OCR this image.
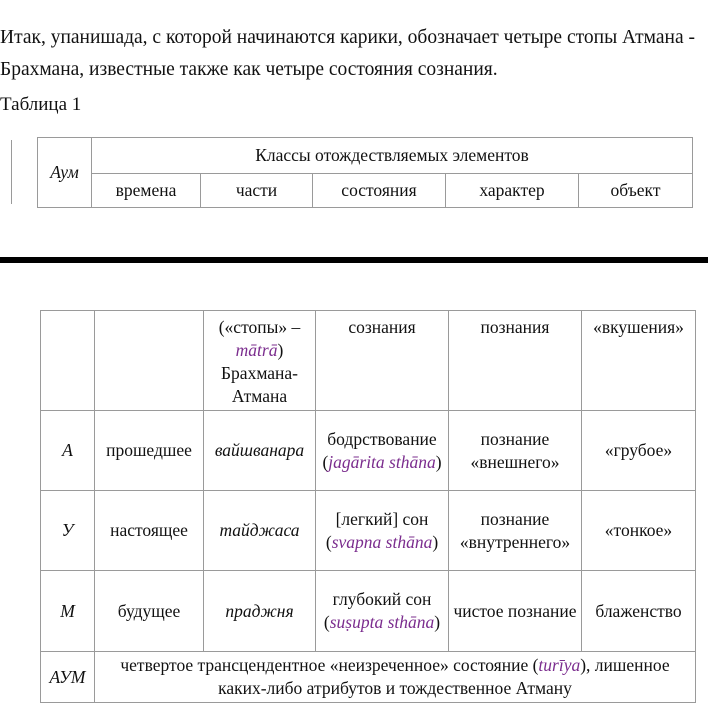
Итак, упанишада, с которой начинаются карики, обозначает четыре стопы Атмана -
Брахмана, известные также как четыре состояния сознания.
Таблица 1
Аум	Классы отождествляемых элементов				
	времена	части	состояния	характер	объект
		(«стопы» – mātrā) Брахмана-Атмана	сознания	познания	«вкушения»
А	прошедшее	вайшванара	бодрствование (jagārita sthāna)	познание «внешнего»	«грубое»
У	настоящее	тайджаса	[легкий] сон (svapna sthāna)	познание «внутреннего»	«тонкое»
М	будущее	праджня	глубокий сон (suṣupta sthāna)	чистое познание	блаженство
АУМ	четвертое трансцендентное «неизреченное» состояние (turīya), лишенное каких-либо атрибутов и тождественное Атману				
